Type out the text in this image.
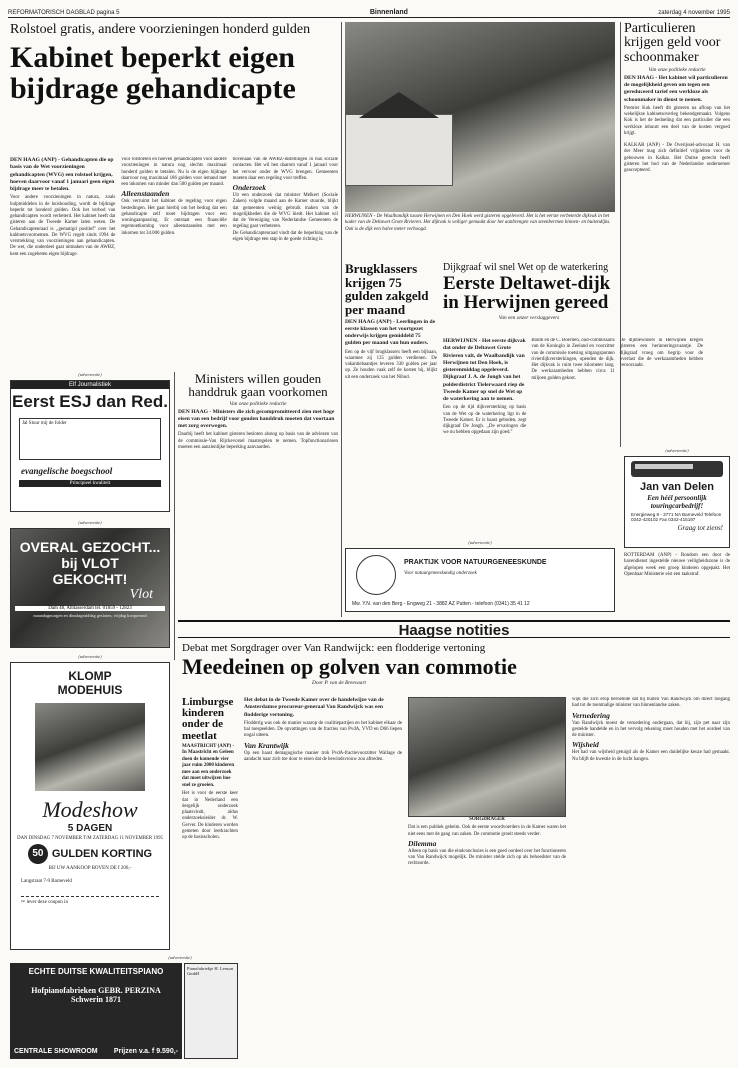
REFORMATORISCH DAGBLAD pagina 5	Binnenland	zaterdag 4 november 1995
Rolstoel gratis, andere voorzieningen honderd gulden
Kabinet beperkt eigen bijdrage gehandicapte
DEN HAAG (ANP) - Gehandicapten die op basis van de Wet voorzieningen gehandicapten (WVG) een rolstoel krijgen, hoeven daarvoor vanaf 1 januari geen eigen bijdrage meer te betalen.
Voor andere voorzieningen in natura, zoals hulpmiddelen in de huishouding, wordt de bijdrage beperkt tot honderd gulden. Ook het verbod van gehandicapten wordt verbeterd. Het kabinet heeft dat gisteren aan de Tweede Kamer laten weten. De Gehandicaptenraad is ,,gematigd positief'' over het kabinetsvoornemen. De WVG regelt sinds 1994 de verstrekking van voorzieningen aan gehandicapten. De wet, die onderdeel gaat uitmaken van de AWBZ, kent een zogeheten eigen bijdrage.
voor rolstoelen en hoeven gehandicapten voor andere voorzieningen in natura nog slechts maximaal honderd gulden te betalen. Nu is de eigen bijdrage daarvoor nog maximaal 186 gulden voor iemand met een inkomen van minder dan 500 gulden per maand.
Alleenstaanden
Ook verruimt het kabinet de regeling voor eigen bestedingen. Het gaat hierbij om het bedrag dat een gehandicapte zelf moet bijdragen voor een woningaanpassing. Er ontstaat een financiële tegemoetkoming voor alleenstaanden met een inkomen tot 34.000 gulden.
bovenaan van de AWBZ-instellingen in hun sociale contacten. Het wil hen daarom vanaf 1 januari voor het vervoer onder de WVG brengen. Gemeenten moeten daar een regeling voor treffen.
Onderzoek
Uit een onderzoek dat minister Melkert (Sociale Zaken) volgde maand aan de Kamer stuurde, blijkt dat gemeenten weinig gebruik maken van de mogelijkheden die de WVG biedt. Het kabinet wil dat de Vereniging van Nederlandse Gemeenten de regeling gaat verbeteren.
De Gehandicaptenraad vindt dat de beperking van de eigen bijdrage een stap in de goede richting is.
HERWIJNEN - De Waalbandijk tussen Herwijnen en Den Hoek werd gisteren opgeleverd. Het is het eerste verbeterde dijkvak in het kader van de Deltawet Grote Rivieren. Het dijkvak is veiliger gemaakt door het aanbrengen van steenbermen binnen- en buitendijks. Ook is de dijk een halve meter verhoogd.
Brugklassers krijgen 75 gulden zakgeld per maand
DEN HAAG (ANP) - Leerlingen in de eerste klassen van het voortgezet onderwijs krijgen gemiddeld 75 gulden per maand van hun ouders.
Een op de vijf brugklassers heeft een bijbaan, waarmee zij 135 gulden verdienen. De vakantiebaantjes leveren 330 gulden per jaar op. Ze houden vaak zelf de kosten bij, blijkt uit een onderzoek van het Nibud.
Dijkgraaf wil snel Wet op de waterkering
Eerste Deltawet-dijk in Herwijnen gereed
Van een onzer verslaggevers
HERWIJNEN - Het eerste dijkvak dat onder de Deltawet Grote Rivieren valt, de Waalbandijk van Herwijnen tot Den Hoek, is gisterenmiddag opgeleverd. Dijkgraaf J. A. de Jongh van het polderdistrict Tielerwaard riep de Tweede Kamer op snel de Wet op de waterkering aan te nemen.
Een op de tijd dijkversterking op basis van de Wet op de waterkering ligt in de Tweede Kamer. Er is haast geboden, zegt dijkgraaf De Jongh. ,,De ervaringen die we nu hebben opgedaan zijn goed.''
Bonth en de C. Boerlien, oud-commissaris van de Koningin in Zeeland en voorzitter van de commissie toetsing uitgangspunten rivierdijkversterkingen, openden de dijk. Het dijkvak is ruim twee kilometer lang. De werkzaamheden hebben circa 11 miljoen gulden gekost.
De dijkbewoners in Herwijnen kregen gisteren een herinneringsvaantje. De dijkgraaf vroeg om begrip voor de overlast die de werkzaamheden hebben veroorzaakt.
Particulieren krijgen geld voor schoonmaker
Van onze politieke redactie
DEN HAAG - Het kabinet wil particulieren de mogelijkheid geven om tegen een gereduceerd tarief een werkloze als schoonmaker in dienst te nemen.
Premier Kok heeft dit gisteren na afloop van het wekelijkse kabinetsoverleg bekendgemaakt. Volgens Kok is het de bedoeling dat een particulier die een werkloze inhuurt een deel van de kosten vergoed krijgt.
KALKAR (ANP) - De Overijssel-advocaat H. van der Meer mag zich definitief vrijpleiten voor de gebouwen in Kalkar. Het Duitse gerecht heeft gisteren het bod van de Nederlandse ondernemer geaccepteerd.
(advertentie)
Jan van Delen
Een héél persoonlijk touringcarbedrijf!
Energieweg 8 - 3771 NA Barneveld Telefoon 0342-420102 Fax 0342-415197
Graag tot ziens!
ROTTERDAM (ANP) - Rondom een door de havendienst ingestelde nieuwe veiligheidszone is de afgelopen week een groep kinderen opgepakt. Het Openbaar Ministerie eist een taakstraf.
(advertentie)
Elf Journalistiek
Eerst ESJ dan Red.
Jal Stuur mij de folder
evangelische boegschool
Principieel kwaliteit
(advertentie)
OVERAL GEZOCHT...
bij VLOT
GEKOCHT!
Vlot
Dam 48, Alblasserdam tel. 01859 - 12823
maandagmorgen en dinsdagmiddag gesloten, vrijdag koopavond
Ministers willen gouden handdruk gaan voorkomen
Van onze politieke redactie
DEN HAAG - Ministers die zich gecompromitteerd zien met hoge eisen van een bedrijf voor gouden handdruk moeten dat voortaan met zorg overwegen.
Daarbij heeft het kabinet gisteren besloten alsnog op basis van de adviezen van de commissie-Van Rijckevorsel maatregelen te nemen. Topfunctionarissen moeten een aanzienlijke beperking aanvaarden.
(advertentie)
PRAKTIJK VOOR NATUURGENEESKUNDE
Voor natuurgeneeskundig onderzoek
Mw. Y.N. van den Berg - Engweg 21 - 3882 AZ Putten - telefoon (0341) 35 41 12
Haagse notities
Debat met Sorgdrager over Van Randwijck: een flodderige vertoning
Meedeinen op golven van commotie
Door P. van de Breevaart
Het debat in de Tweede Kamer over de handelwijze van de Amsterdamse procureur-generaal Van Randwijck was een flodderige vertoning.
Flodderig was ook de manier waarop de coalitiepartijen en het kabinet elkaar de bal toespeelden. De opvattingen van de fracties van PvdA, VVD en D66 liepen nogal uiteen.
Van Krantwijk
Op een haast demagogische manier trok PvdA-fractievoorzitter Wallage de aandacht naar zich toe door te eisen dat de bewindsvrouw zou aftreden.
SORGDRAGER
Dat is een publiek geheim. Ook de eerste woordvoerders in de Kamer waren het niet eens met de gang van zaken. De commotie groeit steeds verder.
Dilemma
Alleen op basis van die eindconclusies is een goed oordeel over het functioneren van Van Randwijck mogelijk. De minister stelde zich op als behoedster van de rechtsorde.
wijk die zich erop beroemde dat hij buiten Van Randwijck om direct toegang had tot de toenmalige minister van binnenlandse zaken.
Vernedering
Van Randwijck moest de vernedering ondergaan, dat hij, zijn pet naar zijn gestelde handelde en in het vervolg rekening moet houden met het oordeel van de minister.
Wijsheid
Het had van wijsheid getuigd als de Kamer een duidelijke keuze had gemaakt. Nu blijft de kwestie in de lucht hangen.
Limburgse kinderen onder de meetlat
MAASTRICHT (ANP) - In Maastricht en Geleen doen de komende vier jaar ruim 2000 kinderen mee aan een onderzoek dat moet uitwijzen hoe snel ze groeien.
Het is voor de eerste keer dat in Nederland een dergelijk onderzoek plaatsvindt, aldus onderzoeksleider dr. W. Gerver. De kinderen worden gemeten door leerkrachten op de basisscholen.
(advertentie)
KLOMP
MODEHUIS
Modeshow
5 DAGEN
DAN DINSDAG 7 NOVEMBER T/M ZATERDAG 11 NOVEMBER 1995
50 GULDEN KORTING
BIJ UW AANKOOP BOVEN DE f 200,-
Langstraat 7-9 Barneveld
✂ lever deze coupon in
(advertentie)
ECHTE DUITSE KWALITEITSPIANO
Hofpianofabrieken GEBR. PERZINA Schwerin 1871
CENTRALE SHOWROOM Prijzen v.a. f 9.590,-
Pianofabriekje H. Lenson GmbH
